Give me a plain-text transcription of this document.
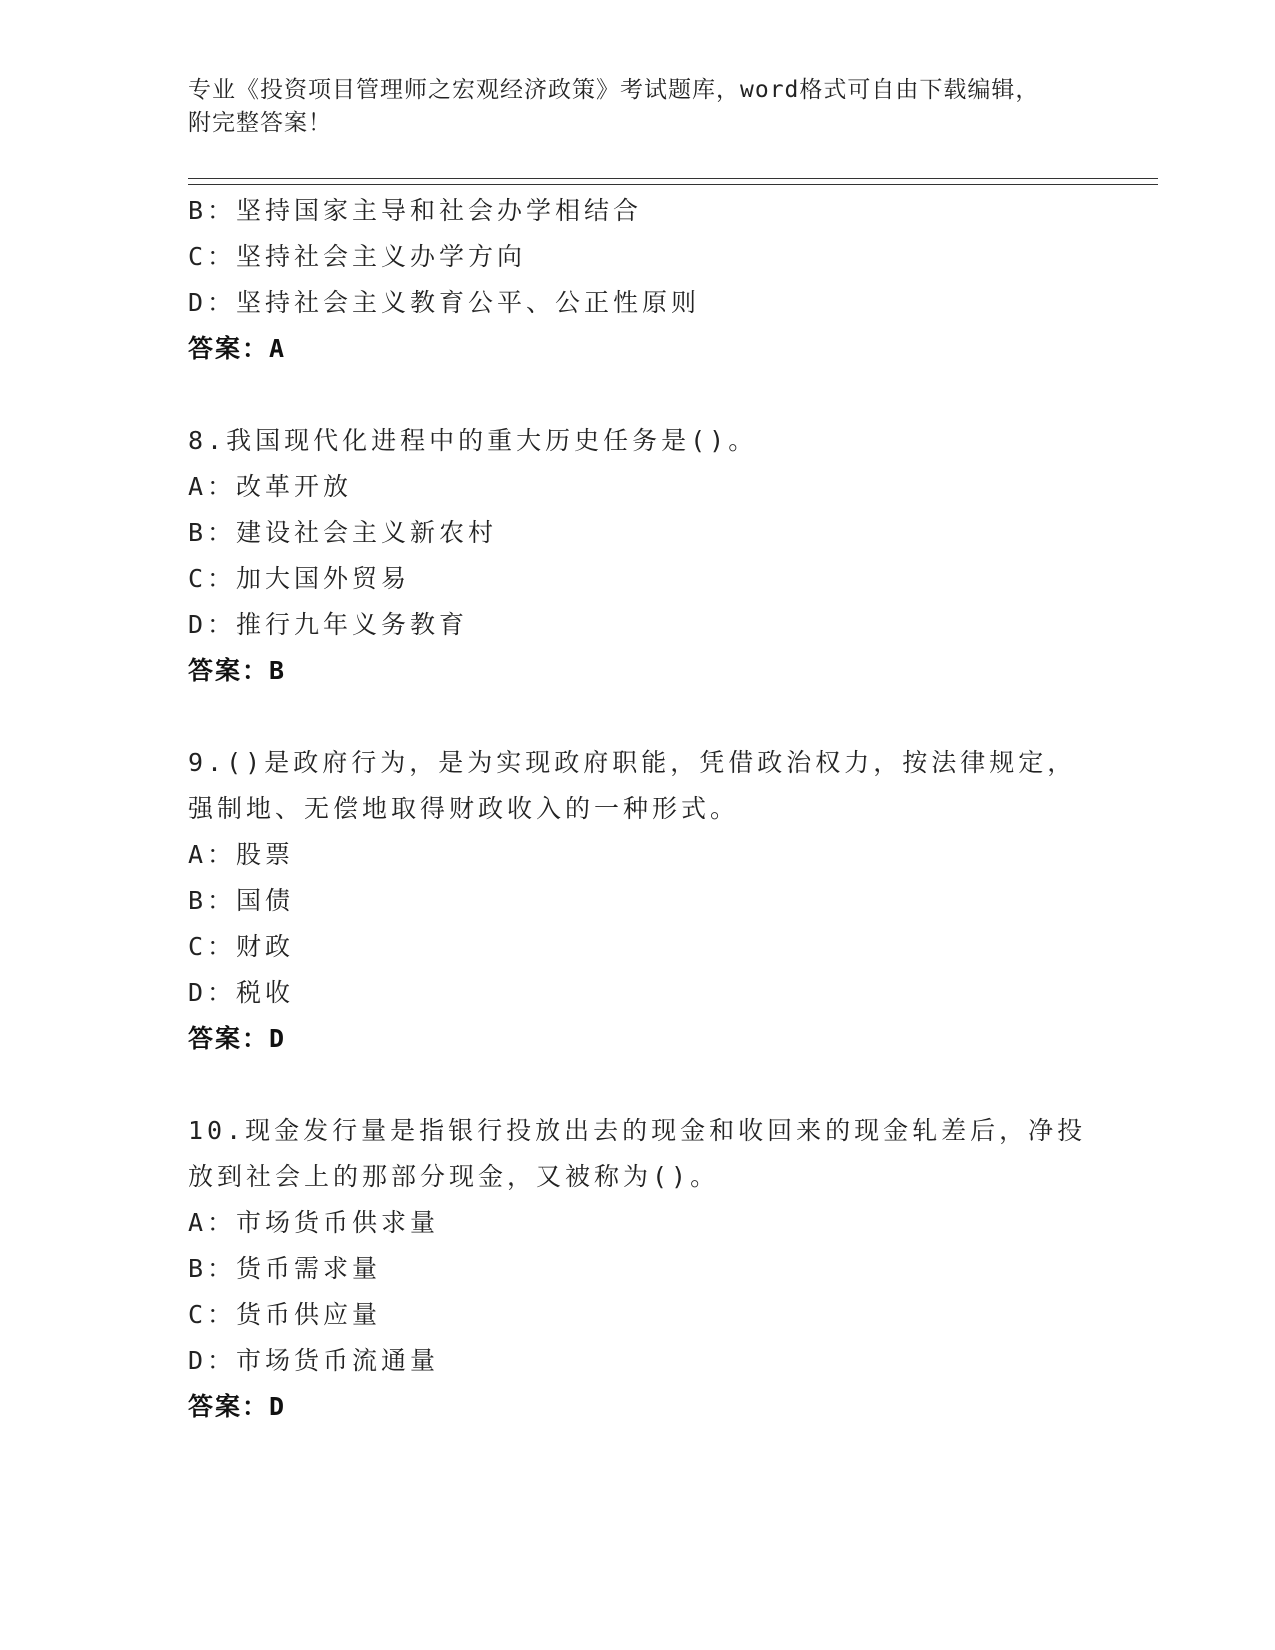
专业《投资项目管理师之宏观经济政策》考试题库，word格式可自由下载编辑，
附完整答案！
B：坚持国家主导和社会办学相结合
C：坚持社会主义办学方向
D：坚持社会主义教育公平、公正性原则
答案：A
8.我国现代化进程中的重大历史任务是()。
A：改革开放
B：建设社会主义新农村
C：加大国外贸易
D：推行九年义务教育
答案：B
9.()是政府行为，是为实现政府职能，凭借政治权力，按法律规定，
强制地、无偿地取得财政收入的一种形式。
A：股票
B：国债
C：财政
D：税收
答案：D
10.现金发行量是指银行投放出去的现金和收回来的现金轧差后，净投
放到社会上的那部分现金，又被称为()。
A：市场货币供求量
B：货币需求量
C：货币供应量
D：市场货币流通量
答案：D
